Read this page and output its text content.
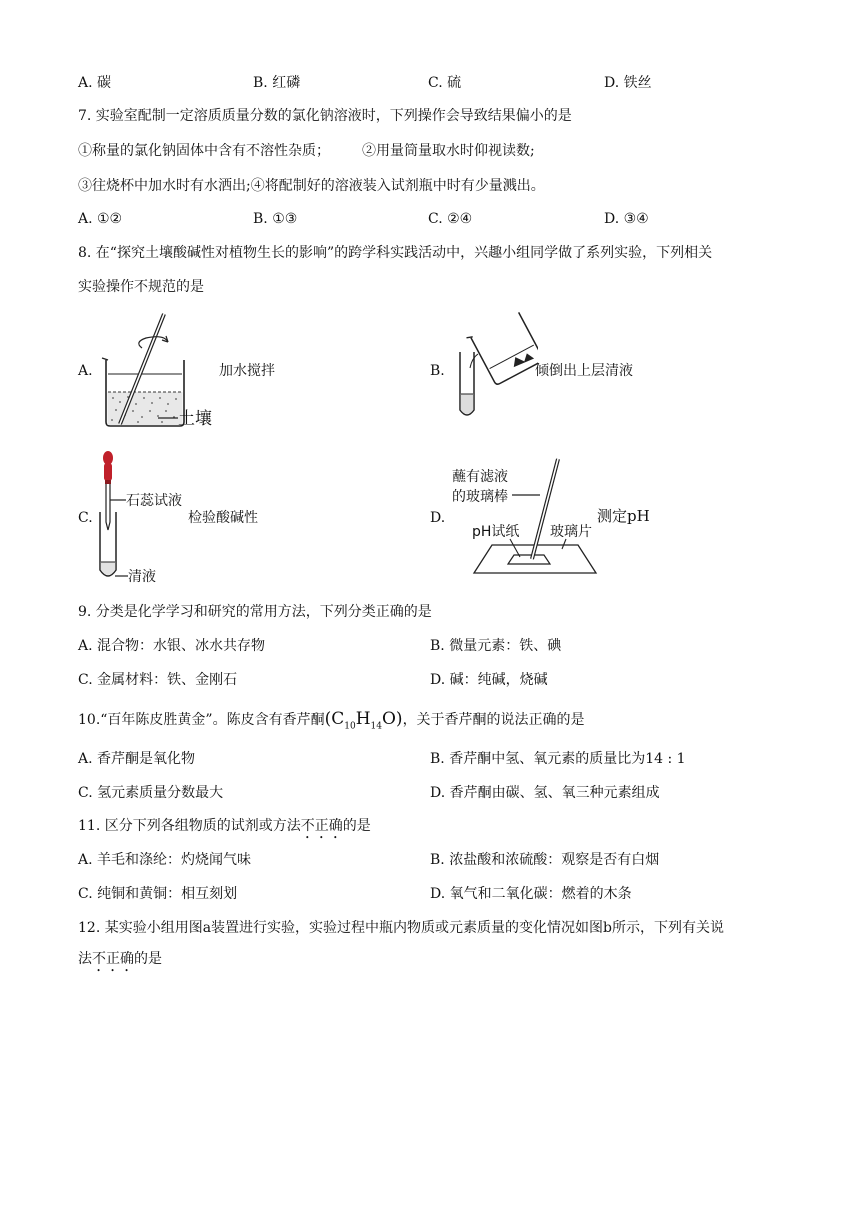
A. 碳	B. 红磷	C. 硫	D. 铁丝
7. 实验室配制一定溶质质量分数的氯化钠溶液时，下列操作会导致结果偏小的是
①称量的氯化钠固体中含有不溶性杂质； ②用量筒量取水时仰视读数;
③往烧杯中加水时有水洒出;④将配制好的溶液装入试剂瓶中时有少量溅出。
A. ①②	B. ①③	C. ②④	D. ③④
8. 在“探究土壤酸碱性对植物生长的影响”的跨学科实践活动中，兴趣小组同学做了系列实验，下列相关
实验操作不规范的是
A.
土壤
加水搅拌	B.	倾倒出上层清液
C.
石蕊试液
清液
检验酸碱性	D.
蘸有滤液
的玻璃棒
pH试纸 玻璃片
测定pH
9. 分类是化学学习和研究的常用方法，下列分类正确的是
A. 混合物：水银、冰水共存物	B. 微量元素：铁、碘
C. 金属材料：铁、金刚石	D. 碱：纯碱，烧碱
10.“百年陈皮胜黄金”。陈皮含有香芹酮$(C_{10}H_{14}O)$，关于香芹酮的说法正确的是
A. 香芹酮是氧化物	B. 香芹酮中氢、氧元素的质量比为14 : 1
C. 氢元素质量分数最大	D. 香芹酮由碳、氢、氧三种元素组成
11. 区分下列各组物质的试剂或方法不正确的是
A. 羊毛和涤纶：灼烧闻气味	B. 浓盐酸和浓硫酸：观察是否有白烟
C. 纯铜和黄铜：相互刻划	D. 氧气和二氧化碳：燃着的木条
12. 某实验小组用图a装置进行实验，实验过程中瓶内物质或元素质量的变化情况如图b所示，下列有关说
法不正确的是
